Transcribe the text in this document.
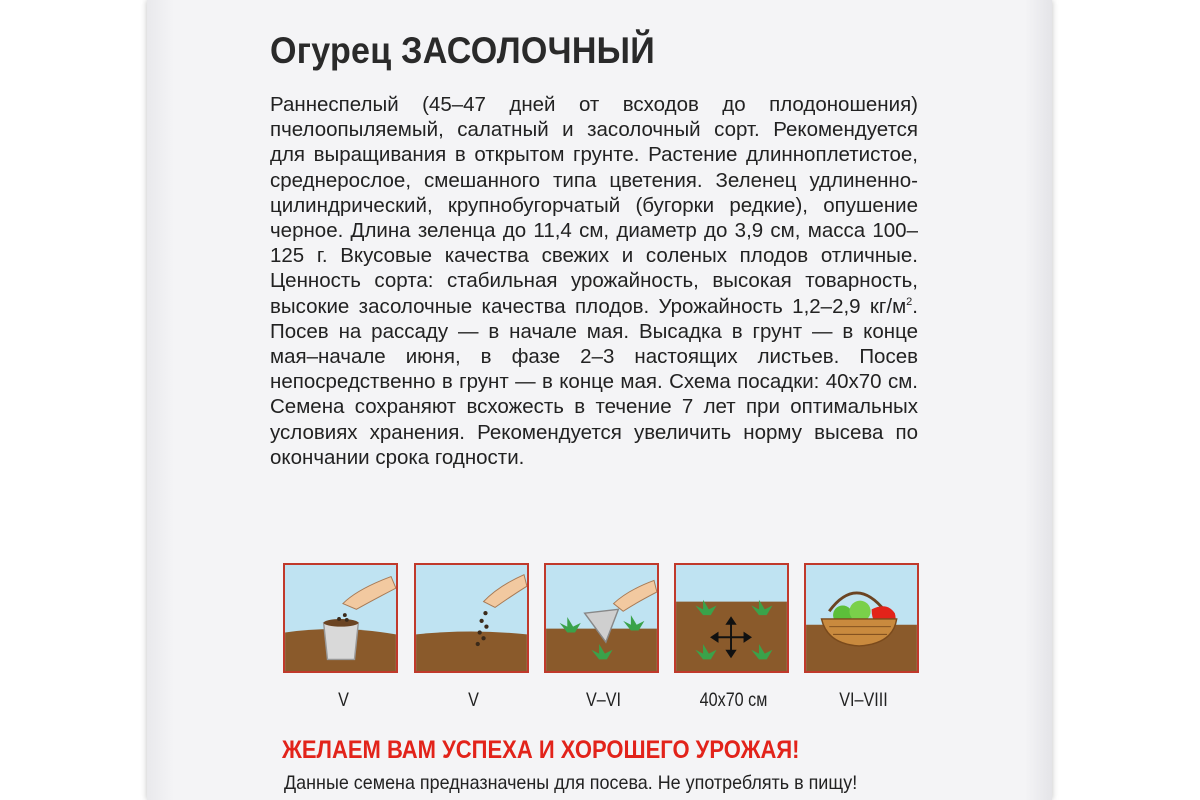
Огурец ЗАСОЛОЧНЫЙ

Раннеспелый (45–47 дней от всходов до плодоношения) пчелоопыляемый, салатный и засолочный сорт. Рекомендуется для выращивания в открытом грунте. Растение длинноплетистое, среднерослое, смешанного типа цветения. Зеленец удлиненно-цилиндрический, крупнобугорчатый (бугорки редкие), опушение черное. Длина зеленца до 11,4 см, диаметр до 3,9 см, масса 100–125 г. Вкусовые качества свежих и соленых плодов отличные. Ценность сорта: стабильная урожайность, высокая товарность, высокие засолочные качества плодов. Урожайность 1,2–2,9 $кг/м^2$. Посев на рассаду — в начале мая. Высадка в грунт — в конце мая–начале июня, в фазе 2–3 настоящих листьев. Посев непосредственно в грунт — в конце мая. Схема посадки: 40х70 см. Семена сохраняют всхожесть в течение 7 лет при оптимальных условиях хранения. Рекомендуется увеличить норму высева по окончании срока годности.

V	V	V–VI	40х70 см	VI–VIII

ЖЕЛАЕМ ВАМ УСПЕХА И ХОРОШЕГО УРОЖАЯ!

Данные семена предназначены для посева. Не употреблять в пищу!
